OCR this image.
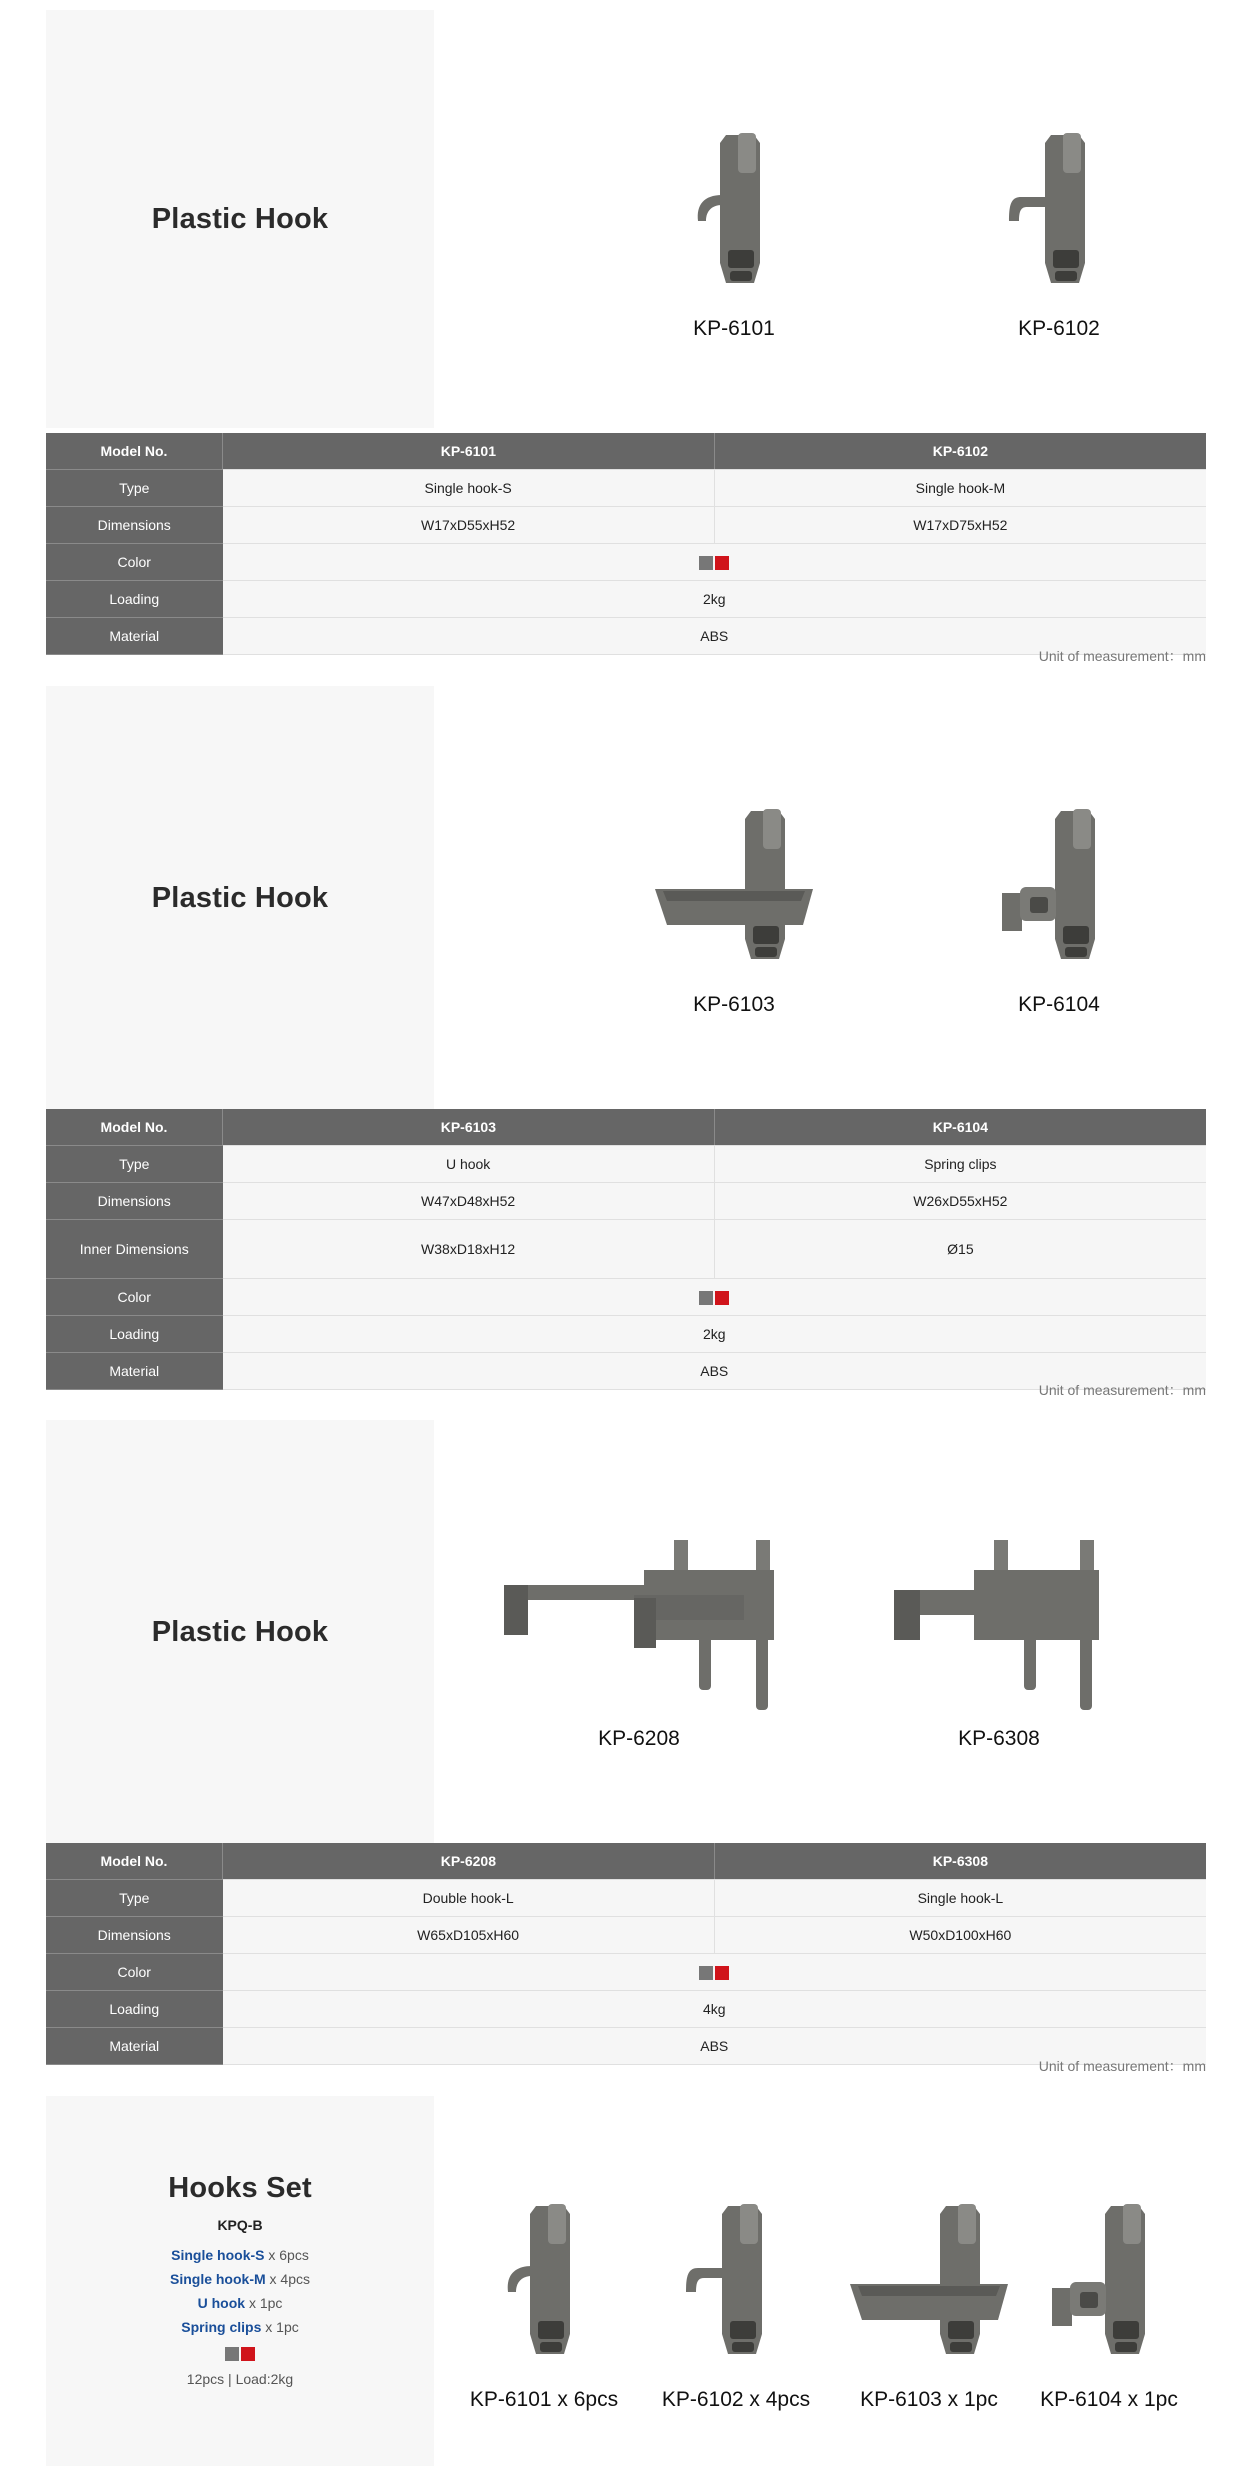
Plastic Hook
KP-6101	KP-6102
Model No.	KP-6101	KP-6102
Type	Single hook-S	Single hook-M
Dimensions	W17xD55xH52	W17xD75xH52
Color		
Loading	2kg	
Material	ABS	
Unit of measurement：mm
Plastic Hook
KP-6103	KP-6104
Model No.	KP-6103	KP-6104
Type	U hook	Spring clips
Dimensions	W47xD48xH52	W26xD55xH52
Inner Dimensions	W38xD18xH12	Ø15
Color		
Loading	2kg	
Material	ABS	
Unit of measurement：mm
Plastic Hook
KP-6208	KP-6308
Model No.	KP-6208	KP-6308
Type	Double hook-L	Single hook-L
Dimensions	W65xD105xH60	W50xD100xH60
Color		
Loading	4kg	
Material	ABS	
Unit of measurement：mm
Hooks Set
KPQ-B
Single hook-S x 6pcs
Single hook-M x 4pcs
U hook x 1pc
Spring clips x 1pc
12pcs | Load:2kg
KP-6101 x 6pcs	KP-6102 x 4pcs	KP-6103 x 1pc	KP-6104 x 1pc
